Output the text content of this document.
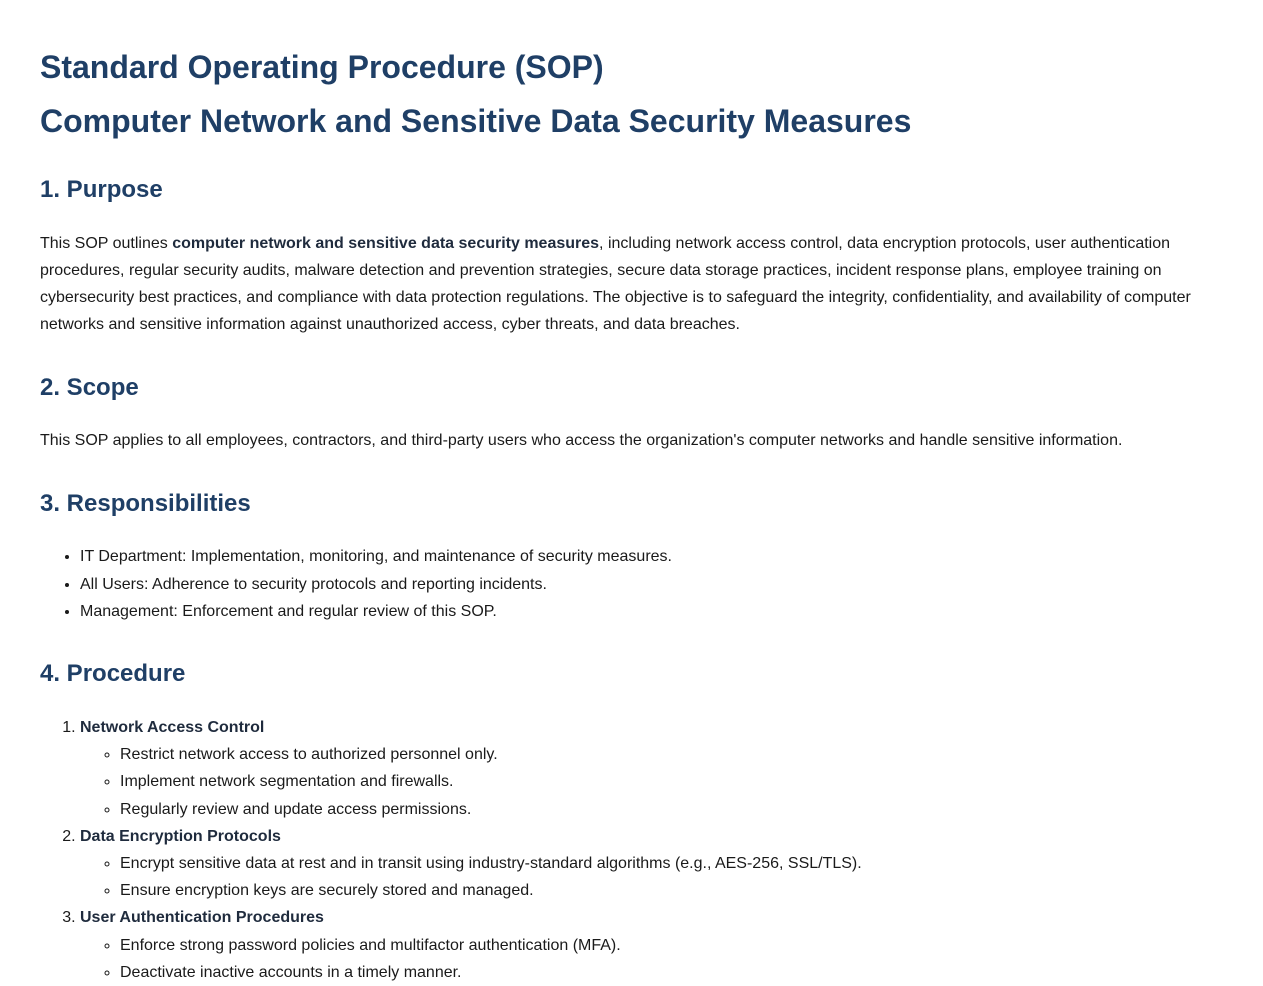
Standard Operating Procedure (SOP)
Computer Network and Sensitive Data Security Measures
1. Purpose

This SOP outlines computer network and sensitive data security measures, including network access control, data encryption protocols, user authentication procedures, regular security audits, malware detection and prevention strategies, secure data storage practices, incident response plans, employee training on cybersecurity best practices, and compliance with data protection regulations. The objective is to safeguard the integrity, confidentiality, and availability of computer networks and sensitive information against unauthorized access, cyber threats, and data breaches.

2. Scope

This SOP applies to all employees, contractors, and third-party users who access the organization's computer networks and handle sensitive information.

3. Responsibilities
• IT Department: Implementation, monitoring, and maintenance of security measures.
• All Users: Adherence to security protocols and reporting incidents.
• Management: Enforcement and regular review of this SOP.
4. Procedure
1. Network Access Control
◦ Restrict network access to authorized personnel only.
◦ Implement network segmentation and firewalls.
◦ Regularly review and update access permissions.
2. Data Encryption Protocols
◦ Encrypt sensitive data at rest and in transit using industry-standard algorithms (e.g., AES-256, SSL/TLS).
◦ Ensure encryption keys are securely stored and managed.
3. User Authentication Procedures
◦ Enforce strong password policies and multifactor authentication (MFA).
◦ Deactivate inactive accounts in a timely manner.
